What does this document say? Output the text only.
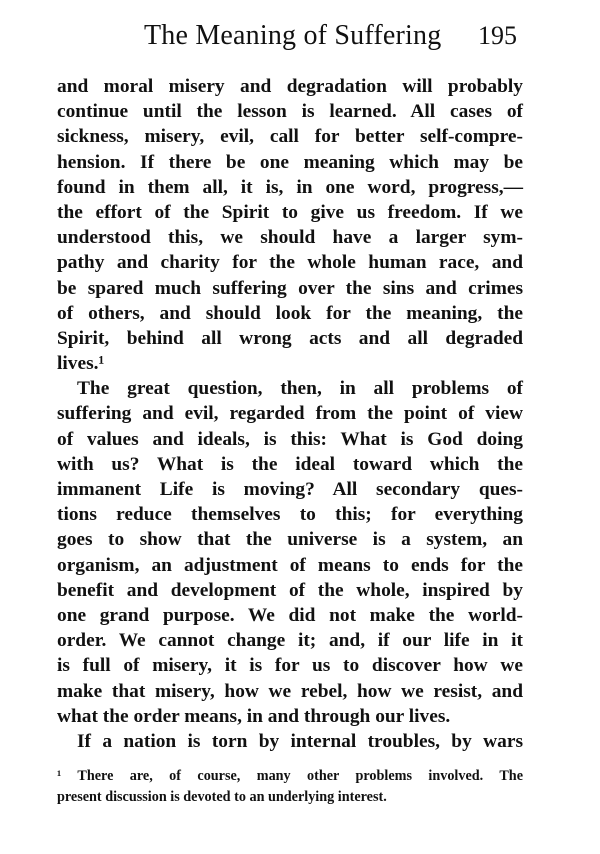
The Meaning of Suffering 195
and moral misery and degradation will probably
continue until the lesson is learned. All cases of
sickness, misery, evil, call for better self-compre-
hension. If there be one meaning which may be
found in them all, it is, in one word, progress,—
the effort of the Spirit to give us freedom. If we
understood this, we should have a larger sym-
pathy and charity for the whole human race, and
be spared much suffering over the sins and crimes
of others, and should look for the meaning, the
Spirit, behind all wrong acts and all degraded
lives.¹
The great question, then, in all problems of
suffering and evil, regarded from the point of view
of values and ideals, is this: What is God doing
with us? What is the ideal toward which the
immanent Life is moving? All secondary ques-
tions reduce themselves to this; for everything
goes to show that the universe is a system, an
organism, an adjustment of means to ends for the
benefit and development of the whole, inspired by
one grand purpose. We did not make the world-
order. We cannot change it; and, if our life in it
is full of misery, it is for us to discover how we
make that misery, how we rebel, how we resist, and
what the order means, in and through our lives.
If a nation is torn by internal troubles, by wars
¹ There are, of course, many other problems involved. The
present discussion is devoted to an underlying interest.
